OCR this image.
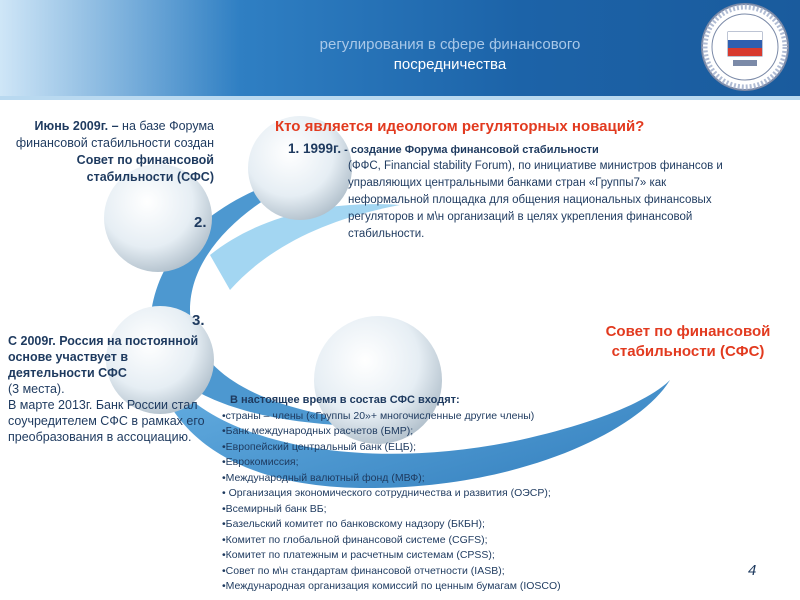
регулирования в сфере финансового
посредничества
Июнь 2009г. – на базе Форума финансовой стабильности создан Совет по финансовой стабильности (СФС)
2.
3.
4.
Кто является идеологом регуляторных новаций?
1. 1999г. - создание Форума финансовой стабильности
(ФФС, Financial stability Forum), по инициативе министров финансов и управляющих центральными банками стран «Группы7» как неформальной площадка для общения национальных финансовых регуляторов и м\н организаций в целях укрепления финансовой стабильности.
С 2009г. Россия на постоянной основе участвует в деятельности СФС
(3 места).
В марте 2013г. Банк России стал соучредителем СФС в рамках его преобразования в ассоциацию.
Совет по финансовой стабильности (СФС)
В настоящее время в состав СФС входят:
•страны – члены («Группы 20»+ многочисленные другие члены)
•Банк международных расчетов (БМР);
•Европейский центральный банк (ЕЦБ);
•Еврокомиссия;
•Международный валютный фонд (МВФ);
• Организация экономического сотрудничества и развития (ОЭСР);
•Всемирный банк ВБ;
•Базельский комитет по банковскому надзору (БКБН);
•Комитет по глобальной финансовой системе (CGFS);
•Комитет по платежным и расчетным системам (CPSS);
•Совет по м\н стандартам финансовой отчетности (IASB);
•Международная организация комиссий по ценным бумагам (IOSCO)
4
